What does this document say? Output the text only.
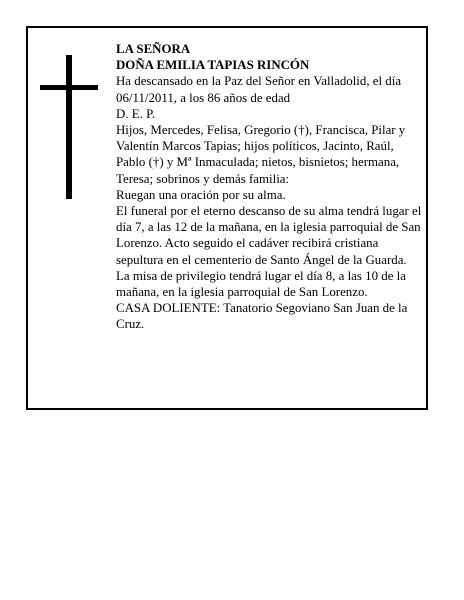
LA SEÑORA

DOÑA EMILIA TAPIAS RINCÓN

Ha descansado en la Paz del Señor en Valladolid, el día 06/11/2011, a los 86 años de edad

D. E. P.

Hijos, Mercedes, Felisa, Gregorio (†), Francisca, Pilar y Valentín Marcos Tapias; hijos políticos, Jacinto, Raúl, Pablo (†) y Mª Inmaculada; nietos, bisnietos; hermana, Teresa; sobrinos y demás familia:

Ruegan una oración por su alma.

El funeral por el eterno descanso de su alma tendrá lugar el día 7, a las 12 de la mañana, en la iglesia parroquial de San Lorenzo. Acto seguido el cadáver recibirá cristiana sepultura en el cementerio de Santo Ángel de la Guarda. La misa de privilegio tendrá lugar el día 8, a las 10 de la mañana, en la iglesia parroquial de San Lorenzo.

CASA DOLIENTE: Tanatorio Segoviano San Juan de la Cruz.
